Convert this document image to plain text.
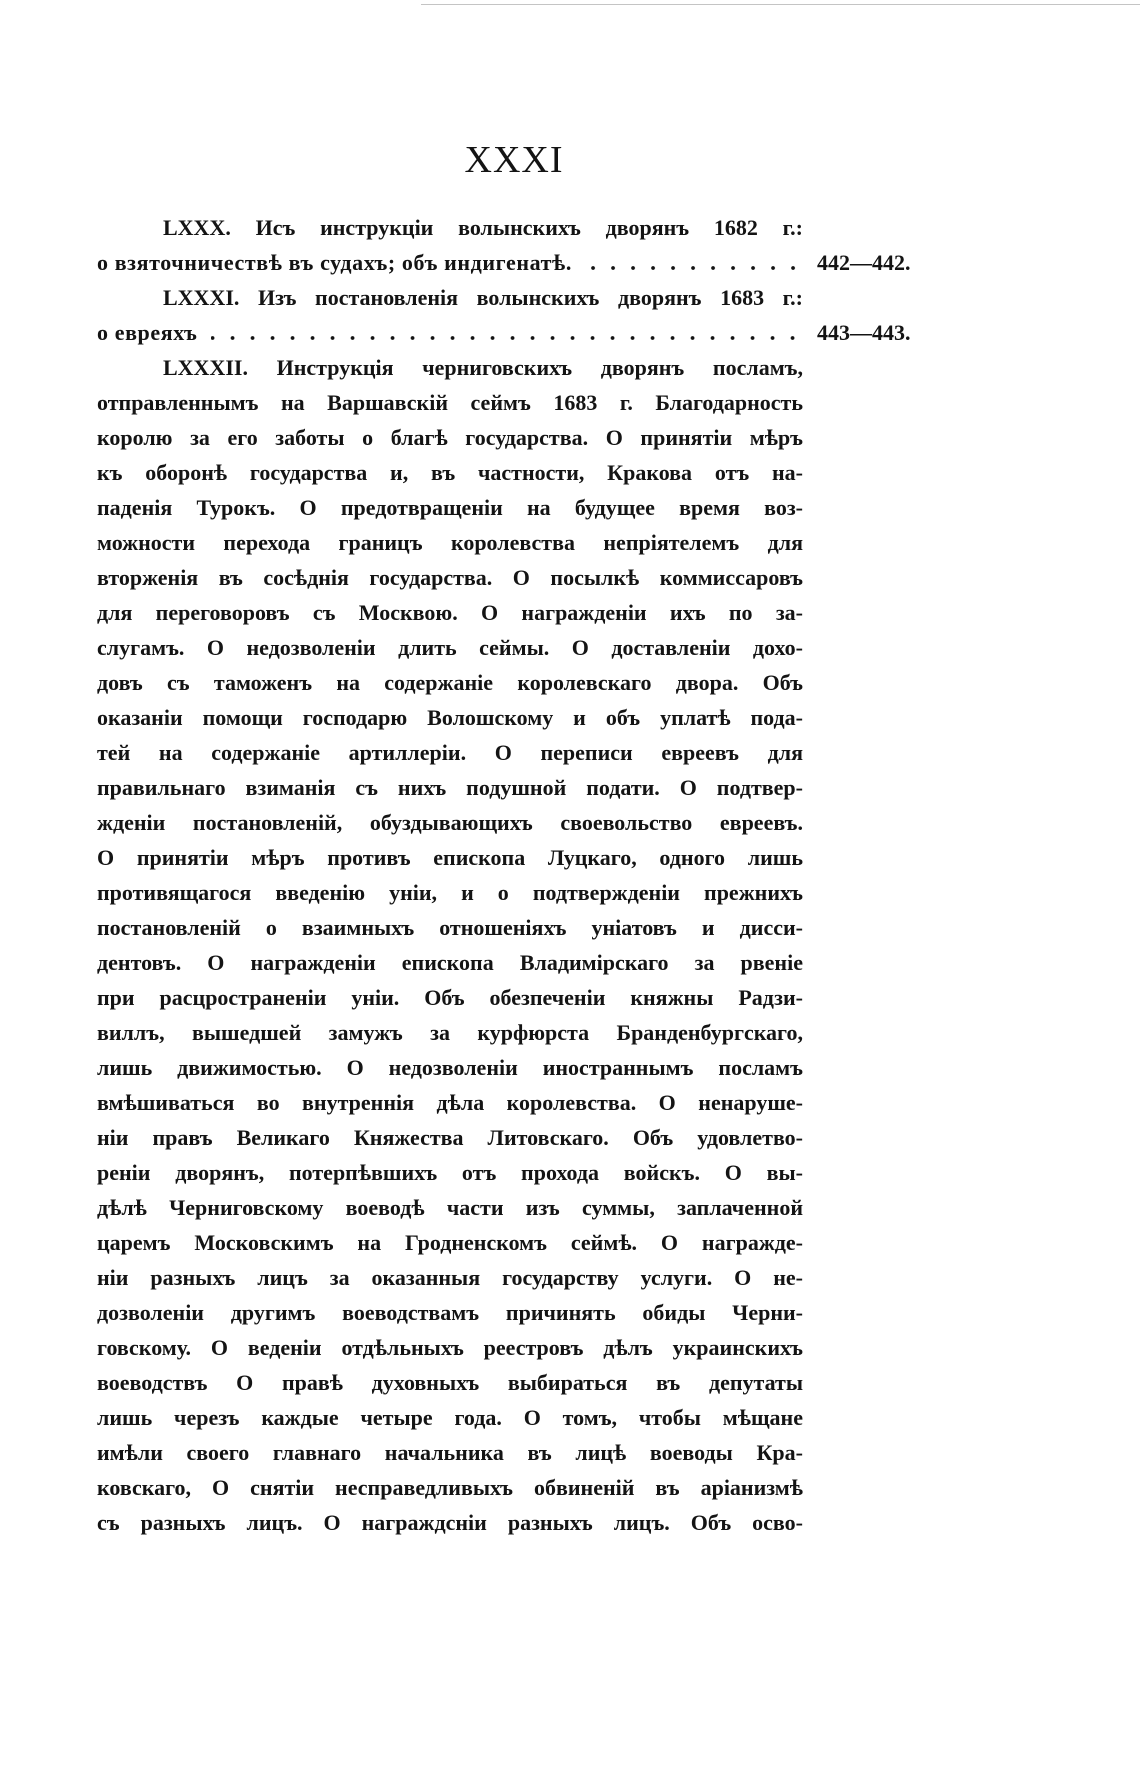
XXXI
LXXX. Исъ инструкціи волынскихъ дворянъ 1682 г.:
о взяточничествѣ въ судахъ; объ индигенатѣ.	442—442.
LXXXI. Изъ постановленія волынскихъ дворянъ 1683 г.:
о евреяхъ	443—443.
LXXXII. Инструкція черниговскихъ дворянъ посламъ,
отправленнымъ на Варшавскій сеймъ 1683 г. Благодарность
королю за его заботы о благѣ государства. О принятіи мѣръ
къ оборонѣ государства и, въ частности, Кракова отъ на-
паденія Турокъ. О предотвращеніи на будущее время воз-
можности перехода границъ королевства непріятелемъ для
вторженія въ сосѣднія государства. О посылкѣ коммиссаровъ
для переговоровъ съ Москвою. О награжденіи ихъ по за-
слугамъ. О недозволеніи длить сеймы. О доставленіи дохо-
довъ съ таможенъ на содержаніе королевскаго двора. Объ
оказаніи помощи господарю Волошскому и объ уплатѣ пода-
тей на содержаніе артиллеріи. О переписи евреевъ для
правильнаго взиманія съ нихъ подушной подати. О подтвер-
жденіи постановленій, обуздывающихъ своевольство евреевъ.
О принятіи мѣръ противъ епископа Луцкаго, одного лишь
противящагося введенію уніи, и о подтвержденіи прежнихъ
постановленій о взаимныхъ отношеніяхъ уніатовъ и дисси-
дентовъ. О награжденіи епископа Владимірскаго за рвеніе
при расцространеніи уніи. Объ обезпеченіи княжны Радзи-
виллъ, вышедшей замужъ за курфюрста Бранденбургскаго,
лишь движимостью. О недозволеніи иностраннымъ посламъ
вмѣшиваться во внутреннія дѣла королевства. О ненаруше-
ніи правъ Великаго Княжества Литовскаго. Объ удовлетво-
реніи дворянъ, потерпѣвшихъ отъ прохода войскъ. О вы-
дѣлѣ Черниговскому воеводѣ части изъ суммы, заплаченной
царемъ Московскимъ на Гродненскомъ сеймѣ. О награжде-
ніи разныхъ лицъ за оказанныя государству услуги. О не-
дозволеніи другимъ воеводствамъ причинять обиды Черни-
говскому. О веденіи отдѣльныхъ реестровъ дѣлъ украинскихъ
воеводствъ О правѣ духовныхъ выбираться въ депутаты
лишь черезъ каждые четыре года. О томъ, чтобы мѣщане
имѣли своего главнаго начальника въ лицѣ воеводы Кра-
ковскаго, О снятіи несправедливыхъ обвиненій въ аріанизмѣ
съ разныхъ лицъ. О награждсніи разныхъ лицъ. Объ осво-
